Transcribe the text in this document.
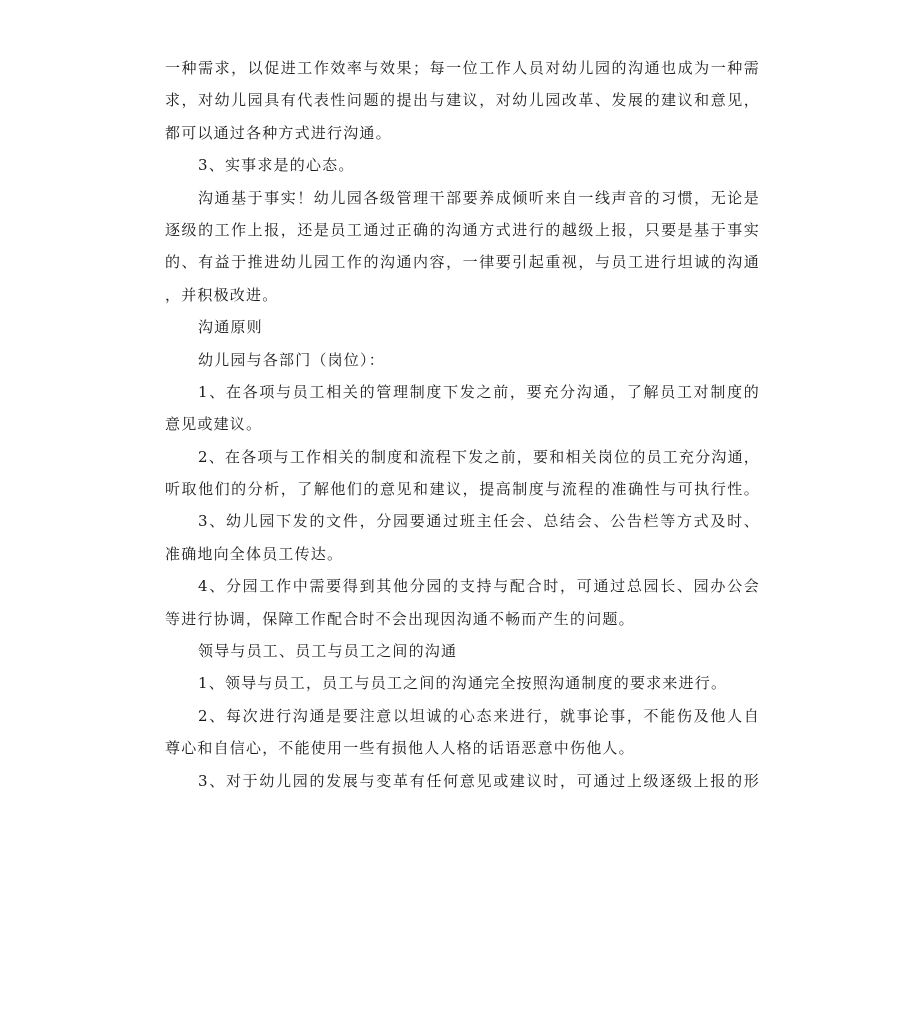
一种需求，以促进工作效率与效果；每一位工作人员对幼儿园的沟通也成为一种需
求，对幼儿园具有代表性问题的提出与建议，对幼儿园改革、发展的建议和意见，
都可以通过各种方式进行沟通。
3、实事求是的心态。
沟通基于事实！幼儿园各级管理干部要养成倾听来自一线声音的习惯，无论是
逐级的工作上报，还是员工通过正确的沟通方式进行的越级上报，只要是基于事实
的、有益于推进幼儿园工作的沟通内容，一律要引起重视，与员工进行坦诚的沟通
，并积极改进。
沟通原则
幼儿园与各部门（岗位）：
1、在各项与员工相关的管理制度下发之前，要充分沟通，了解员工对制度的
意见或建议。
2、在各项与工作相关的制度和流程下发之前，要和相关岗位的员工充分沟通，
听取他们的分析，了解他们的意见和建议，提高制度与流程的准确性与可执行性。
3、幼儿园下发的文件，分园要通过班主任会、总结会、公告栏等方式及时、
准确地向全体员工传达。
4、分园工作中需要得到其他分园的支持与配合时，可通过总园长、园办公会
等进行协调，保障工作配合时不会出现因沟通不畅而产生的问题。
领导与员工、员工与员工之间的沟通
1、领导与员工，员工与员工之间的沟通完全按照沟通制度的要求来进行。
2、每次进行沟通是要注意以坦诚的心态来进行，就事论事，不能伤及他人自
尊心和自信心，不能使用一些有损他人人格的话语恶意中伤他人。
3、对于幼儿园的发展与变革有任何意见或建议时，可通过上级逐级上报的形
